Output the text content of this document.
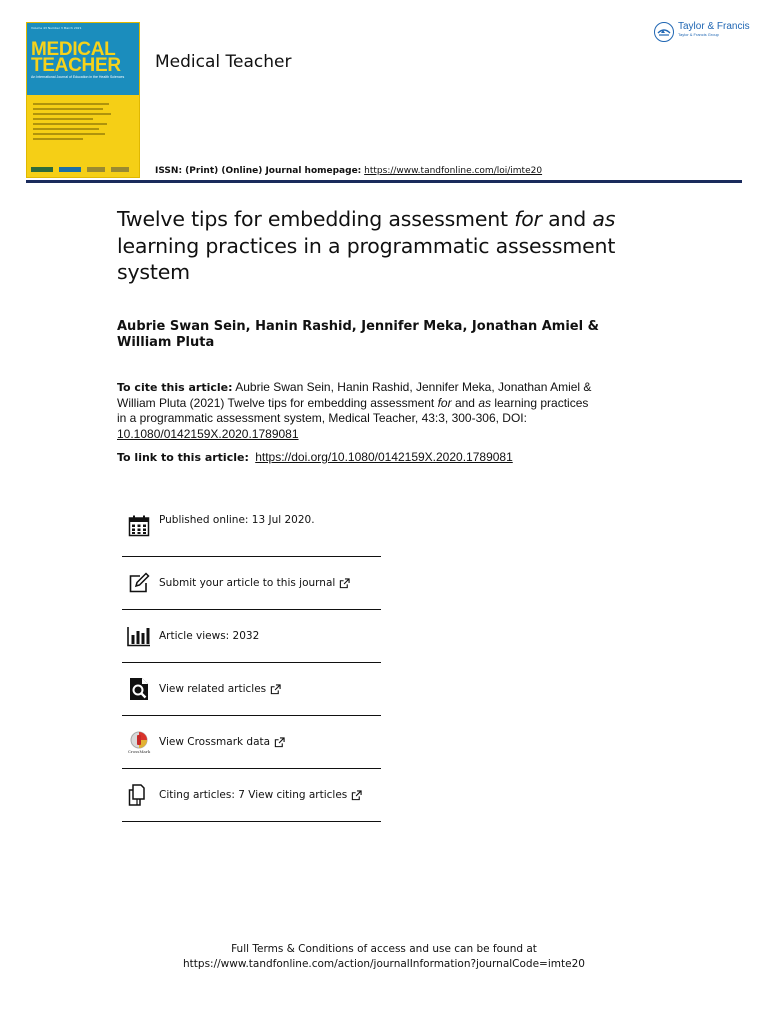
Volume 43 Number 3 March 2021
MEDICAL
TEACHER
An International Journal of Education in the Health Sciences
Medical Teacher
Taylor & Francis
Taylor & Francis Group
ISSN: (Print) (Online) Journal homepage: https://www.tandfonline.com/loi/imte20
Twelve tips for embedding assessment for and as learning practices in a programmatic assessment system
Aubrie Swan Sein, Hanin Rashid, Jennifer Meka, Jonathan Amiel & William Pluta
To cite this article: Aubrie Swan Sein, Hanin Rashid, Jennifer Meka, Jonathan Amiel & William Pluta (2021) Twelve tips for embedding assessment for and as learning practices in a programmatic assessment system, Medical Teacher, 43:3, 300-306, DOI: 10.1080/0142159X.2020.1789081
To link to this article: https://doi.org/10.1080/0142159X.2020.1789081
Published online: 13 Jul 2020.
Submit your article to this journal
Article views: 2032
View related articles
CrossMark
View Crossmark data
Citing articles: 7 View citing articles
Full Terms & Conditions of access and use can be found at
https://www.tandfonline.com/action/journalInformation?journalCode=imte20
